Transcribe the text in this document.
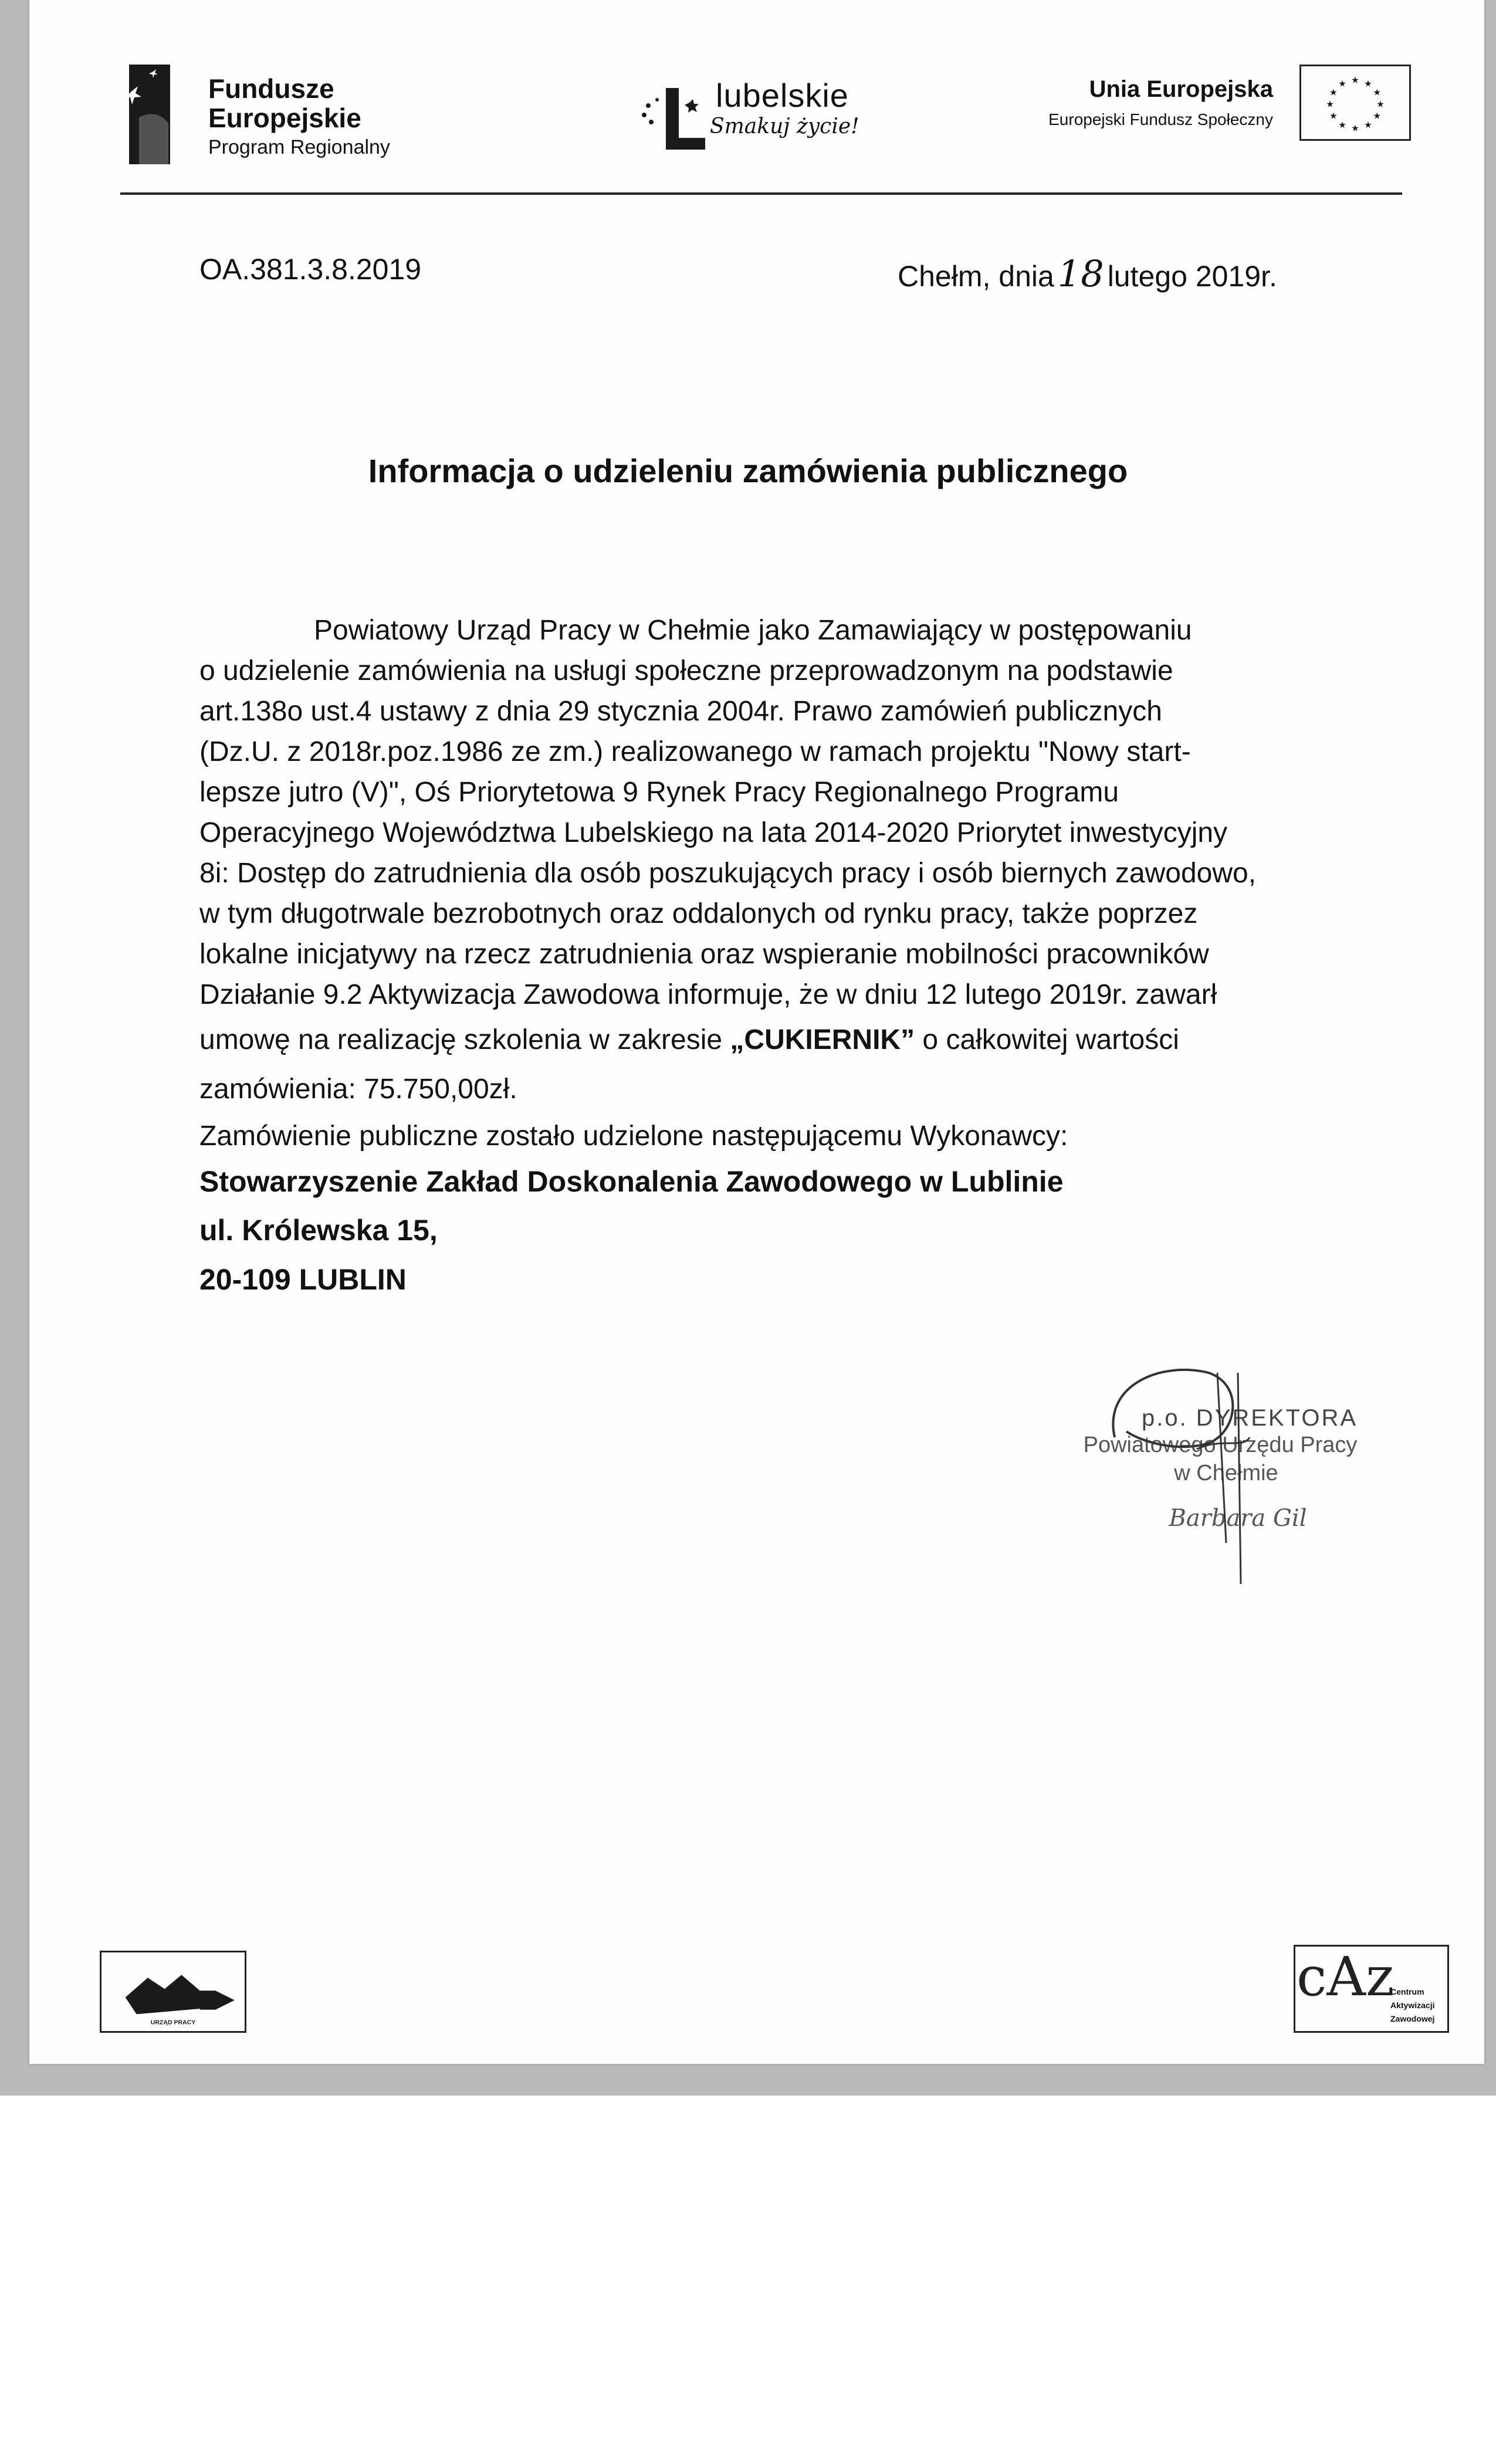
Fundusze
Europejskie
Program Regionalny
lubelskie
Smakuj życie!
Unia Europejska
Europejski Fundusz Społeczny
★ ★
★
★
★
★
★
★
★
★
★
★
OA.381.3.8.2019	Chełm, dnia18 lutego 2019r.
Informacja o udzieleniu zamówienia publicznego
Powiatowy Urząd Pracy w Chełmie jako Zamawiający w postępowaniu
o udzielenie zamówienia na usługi społeczne przeprowadzonym na podstawie
art.138o ust.4 ustawy z dnia 29 stycznia 2004r. Prawo zamówień publicznych
(Dz.U. z 2018r.poz.1986 ze zm.) realizowanego w ramach projektu "Nowy start-
lepsze jutro (V)", Oś Priorytetowa 9 Rynek Pracy Regionalnego Programu
Operacyjnego Województwa Lubelskiego na lata 2014-2020 Priorytet inwestycyjny
8i: Dostęp do zatrudnienia dla osób poszukujących pracy i osób biernych zawodowo,
w tym długotrwale bezrobotnych oraz oddalonych od rynku pracy, także poprzez
lokalne inicjatywy na rzecz zatrudnienia oraz wspieranie mobilności pracowników
Działanie 9.2 Aktywizacja Zawodowa informuje, że w dniu 12 lutego 2019r. zawarł
umowę na realizację szkolenia w zakresie „CUKIERNIK” o całkowitej wartości
zamówienia: 75.750,00zł.
Zamówienie publiczne zostało udzielone następującemu Wykonawcy:
Stowarzyszenie Zakład Doskonalenia Zawodowego w Lublinie
ul. Królewska 15,
20-109 LUBLIN
p.o. DYREKTORA
Powiatowego Urzędu Pracy
w Chełmie
Barbara Gil
URZĄD PRACY
cAz
Centrum
Aktywizacji
Zawodowej
